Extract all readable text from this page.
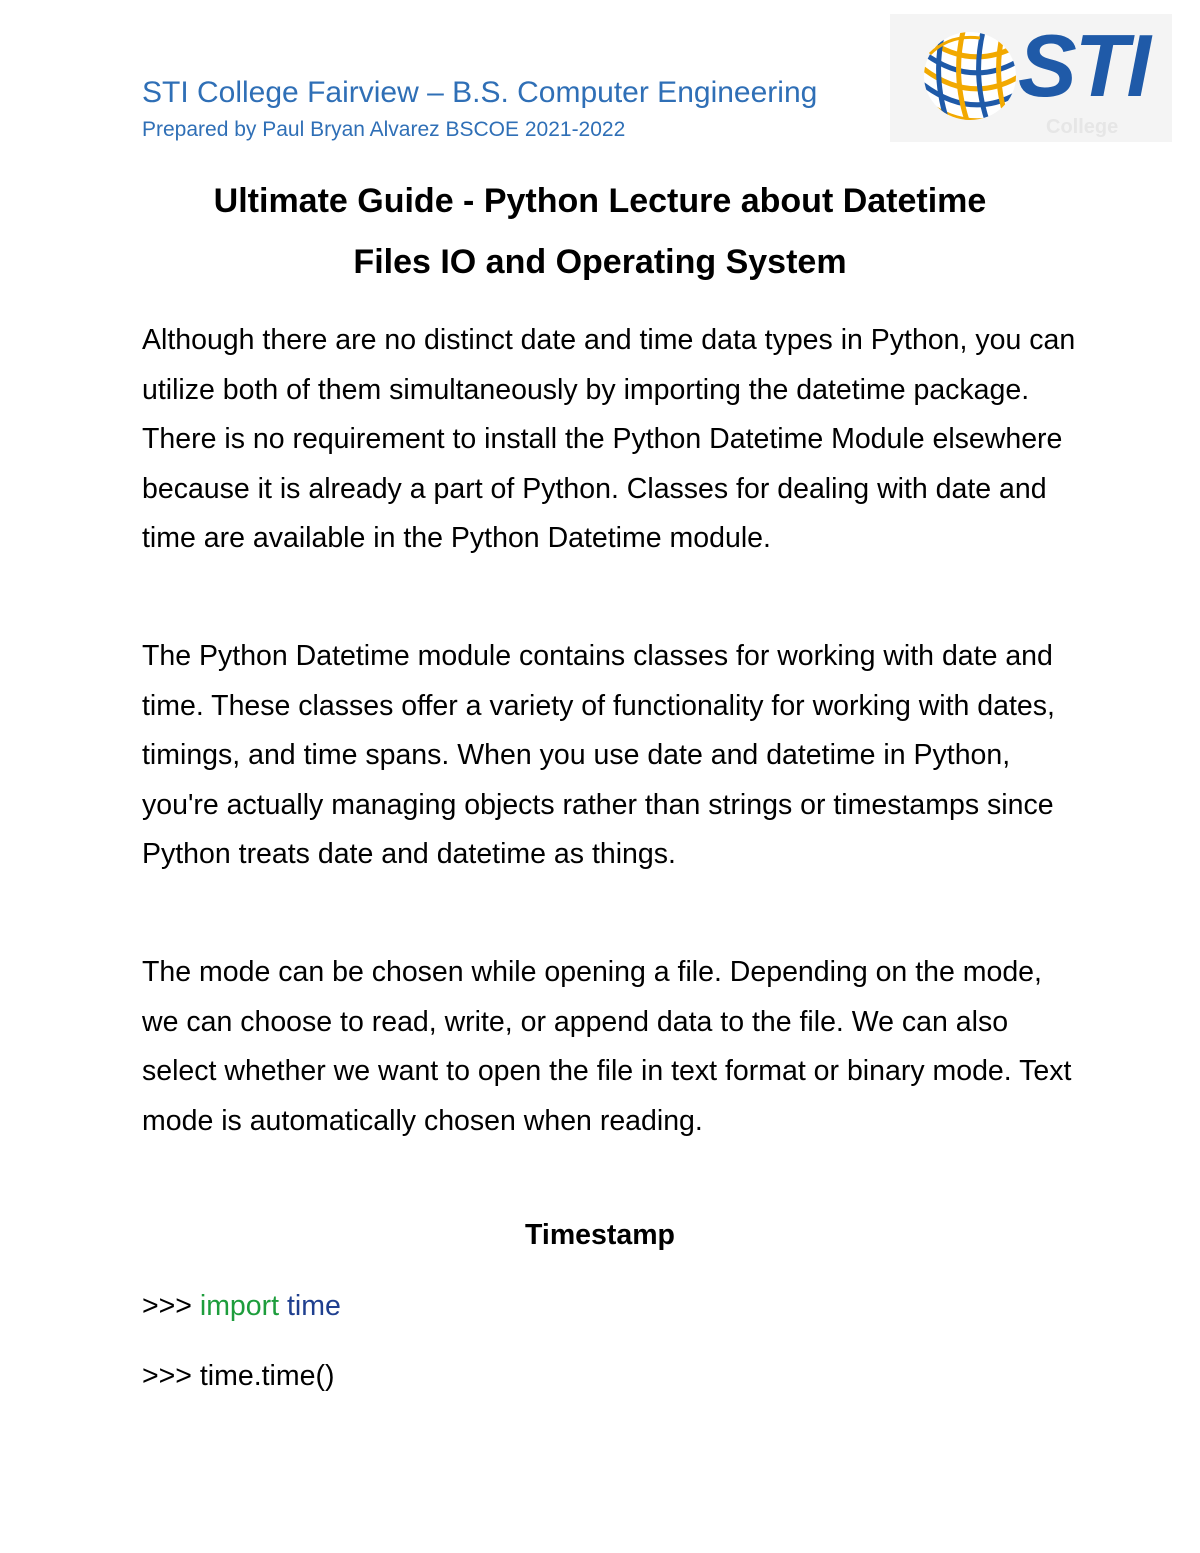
STI College Fairview – B.S. Computer Engineering
Prepared by Paul Bryan Alvarez BSCOE 2021-2022
STI
College
Ultimate Guide - Python Lecture about Datetime
Files IO and Operating System

Although there are no distinct date and time data types in Python, you can utilize both of them simultaneously by importing the datetime package. There is no requirement to install the Python Datetime Module elsewhere because it is already a part of Python. Classes for dealing with date and time are available in the Python Datetime module.

The Python Datetime module contains classes for working with date and time. These classes offer a variety of functionality for working with dates, timings, and time spans. When you use date and datetime in Python, you're actually managing objects rather than strings or timestamps since Python treats date and datetime as things.

The mode can be chosen while opening a file. Depending on the mode, we can choose to read, write, or append data to the file. We can also select whether we want to open the file in text format or binary mode. Text mode is automatically chosen when reading.

Timestamp
>>> import time
>>> time.time()
